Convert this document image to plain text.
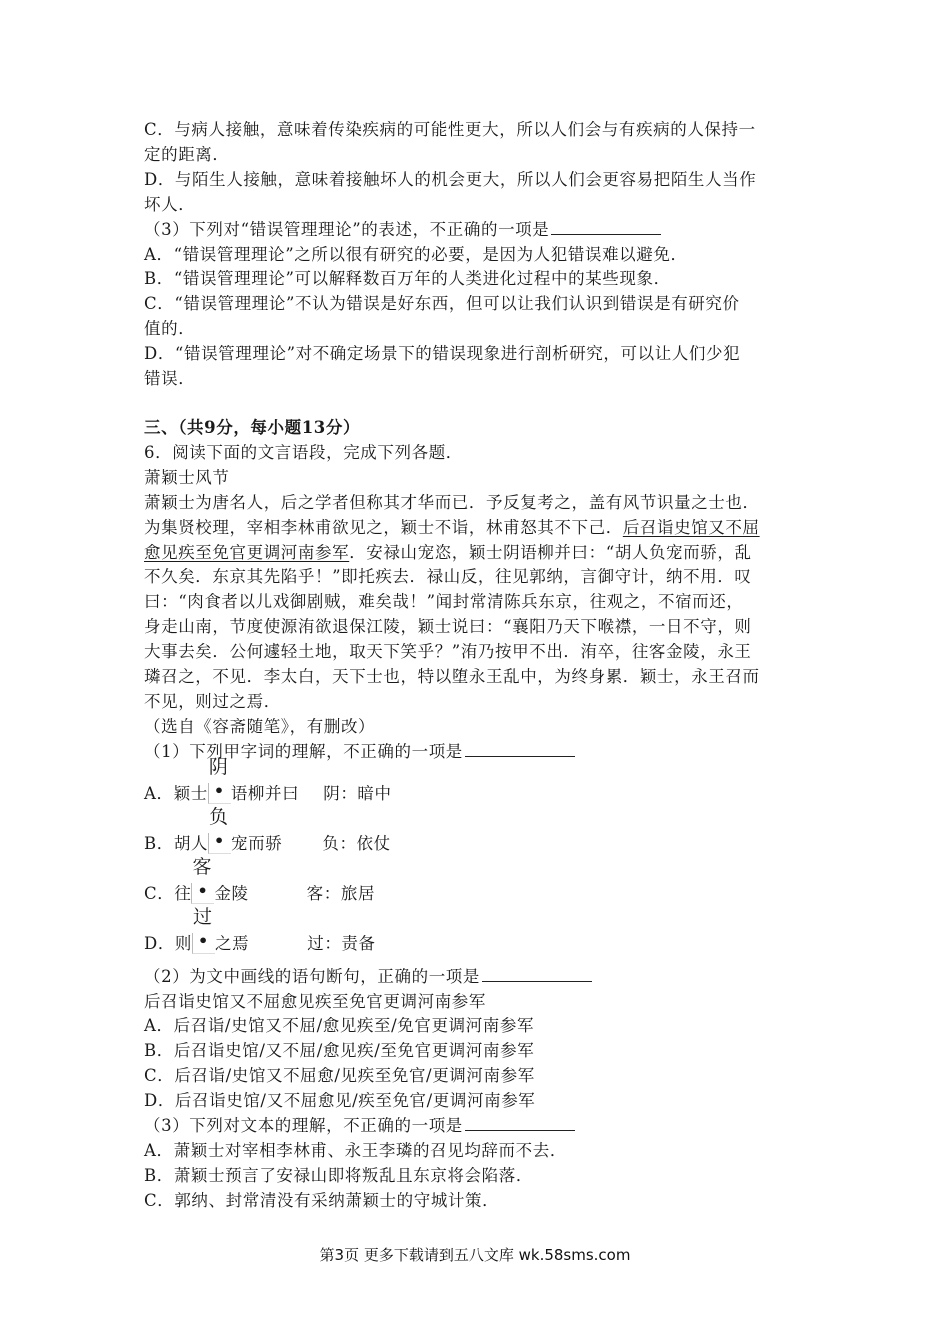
C．与病人接触，意味着传染疾病的可能性更大，所以人们会与有疾病的人保持一
定的距离．
D．与陌生人接触，意味着接触坏人的机会更大，所以人们会更容易把陌生人当作
坏人．
（3）下列对“错误管理理论”的表述，不正确的一项是
A．“错误管理理论”之所以很有研究的必要，是因为人犯错误难以避免．
B．“错误管理理论”可以解释数百万年的人类进化过程中的某些现象．
C．“错误管理理论”不认为错误是好东西，但可以让我们认识到错误是有研究价
值的．
D．“错误管理理论”对不确定场景下的错误现象进行剖析研究，可以让人们少犯
错误．
三、（共9分，每小题13分）
6．阅读下面的文言语段，完成下列各题．
萧颖士风节
萧颖士为唐名人，后之学者但称其才华而已．予反复考之，盖有风节识量之士也．
为集贤校理，宰相李林甫欲见之，颖士不诣，林甫怒其不下己．后召诣史馆又不屈
愈见疾至免官更调河南参军．安禄山宠恣，颖士阴语柳并曰：“胡人负宠而骄，乱
不久矣．东京其先陷乎！”即托疾去．禄山反，往见郭纳，言御守计，纳不用．叹
曰：“肉食者以儿戏御剧贼，难矣哉！”闻封常清陈兵东京，往观之，不宿而还，
身走山南，节度使源洧欲退保江陵，颖士说曰：“襄阳乃天下喉襟，一日不守，则
大事去矣．公何遽轻土地，取天下笑乎？”洧乃按甲不出．洧卒，往客金陵，永王
璘召之，不见．李太白，天下士也，特以堕永王乱中，为终身累．颖士，永王召而
不见，则过之焉．
（选自《容斋随笔》，有删改）
（1）下列甲字词的理解，不正确的一项是
A．颖士
阴
• 语柳并曰 阴：暗中
B．胡人
负
• 宠而骄 负：依仗
C．往
客
• 金陵	客：旅居
D．则
过
• 之焉	过：责备
（2）为文中画线的语句断句，正确的一项是
后召诣史馆又不屈愈见疾至免官更调河南参军
A．后召诣/史馆又不屈/愈见疾至/免官更调河南参军
B．后召诣史馆/又不屈/愈见疾/至免官更调河南参军
C．后召诣/史馆又不屈愈/见疾至免官/更调河南参军
D．后召诣史馆/又不屈愈见/疾至免官/更调河南参军
（3）下列对文本的理解，不正确的一项是
A．萧颖士对宰相李林甫、永王李璘的召见均辞而不去．
B．萧颖士预言了安禄山即将叛乱且东京将会陷落．
C．郭纳、封常清没有采纳萧颖士的守城计策．
第3页 更多下载请到五八文库 wk.58sms.com
